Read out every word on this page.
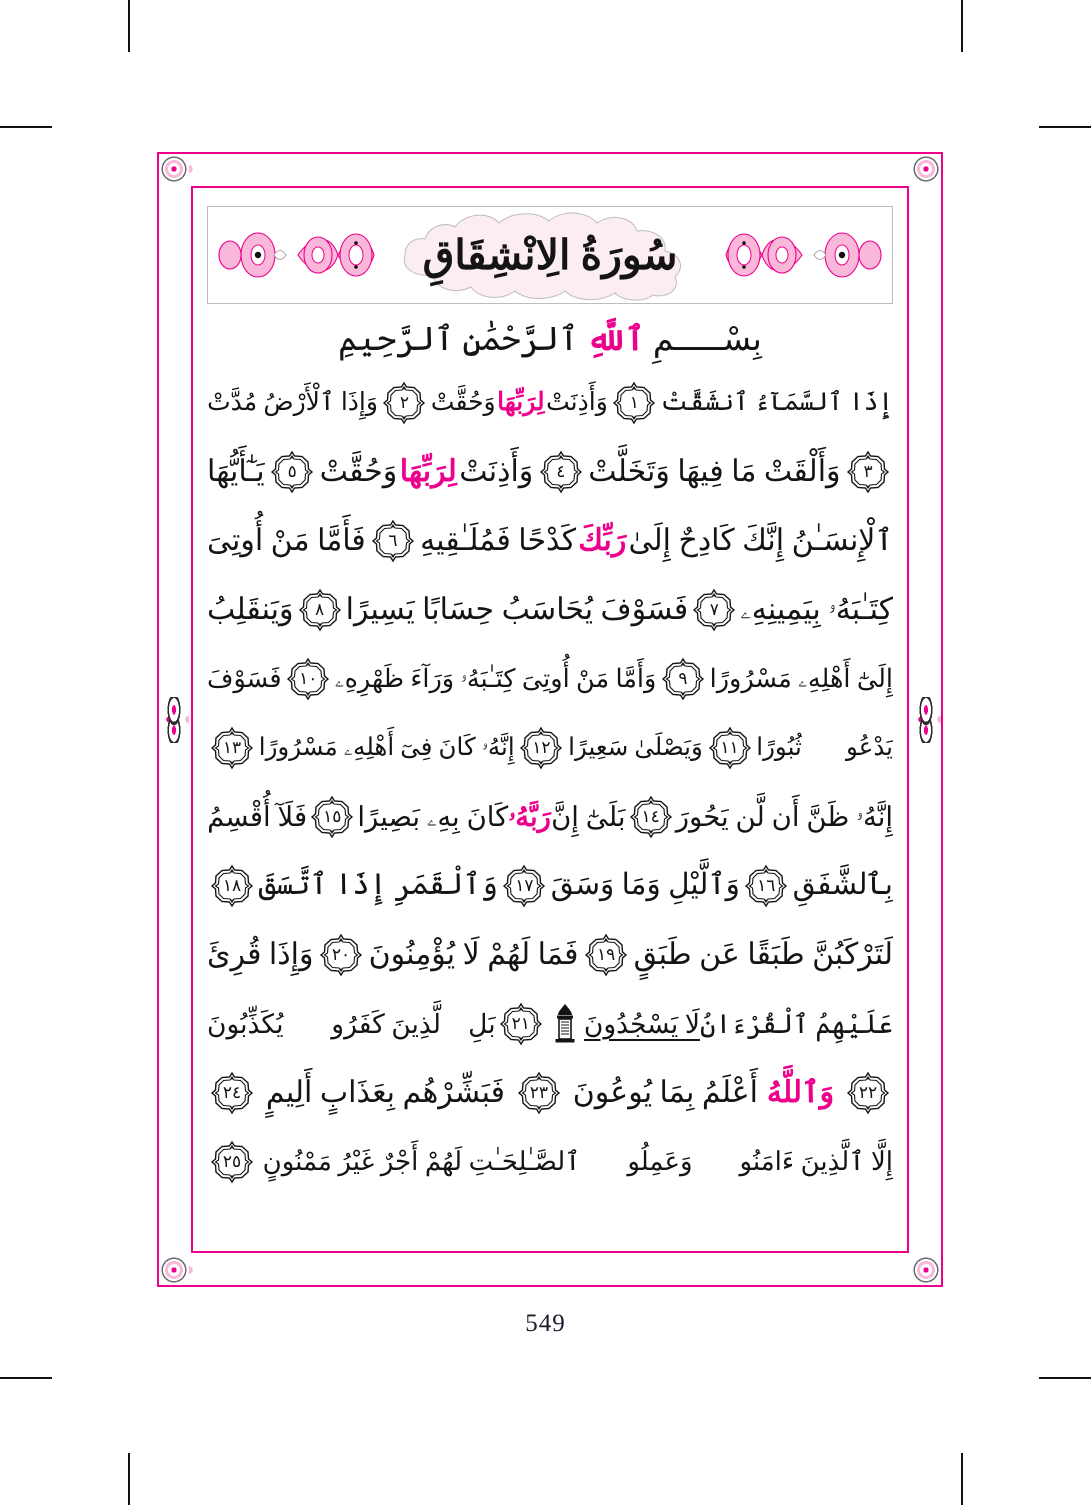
سُورَةُ الِانْشِقَاقِ
بِسْـــــمِ ٱللَّهِ ٱلرَّحْمَٰنِ ٱلرَّحِيمِ
إِذَا ٱلسَّمَآءُ ٱنشَقَّتْ
١
وَأَذِنَتْ
لِرَبِّهَا
وَحُقَّتْ
٢
وَإِذَا ٱلْأَرْضُ مُدَّتْ
٣
وَأَلْقَتْ مَا فِيهَا وَتَخَلَّتْ
٤
وَأَذِنَتْ
لِرَبِّهَا
وَحُقَّتْ
٥
يَـٰٓأَيُّهَا
ٱلْإِنسَـٰنُ إِنَّكَ كَادِحٌ إِلَىٰ
رَبِّكَ
كَدْحًا فَمُلَـٰقِيهِ
٦
فَأَمَّا مَنْ أُوتِىَ
كِتَـٰبَهُۥ بِيَمِينِهِۦ
٧
فَسَوْفَ يُحَاسَبُ حِسَابًا يَسِيرًا
٨
وَيَنقَلِبُ
إِلَىٰٓ أَهْلِهِۦ مَسْرُورًا
٩
وَأَمَّا مَنْ أُوتِىَ كِتَـٰبَهُۥ وَرَآءَ ظَهْرِهِۦ
١٠
فَسَوْفَ
يَدْعُوا۟ ثُبُورًا
١١
وَيَصْلَىٰ سَعِيرًا
١٢
إِنَّهُۥ كَانَ فِىٓ أَهْلِهِۦ مَسْرُورًا
١٣
إِنَّهُۥ ظَنَّ أَن لَّن يَحُورَ
١٤
بَلَىٰٓ إِنَّ
رَبَّهُۥ
كَانَ بِهِۦ بَصِيرًا
١٥
فَلَآ أُقْسِمُ
بِٱلشَّفَقِ
١٦
وَٱلَّيْلِ وَمَا وَسَقَ
١٧
وَٱلْقَمَرِ إِذَا ٱتَّسَقَ
١٨
لَتَرْكَبُنَّ طَبَقًا عَن طَبَقٍ
١٩
فَمَا لَهُمْ لَا يُؤْمِنُونَ
٢٠
وَإِذَا قُرِئَ
عَلَيْهِمُ ٱلْقُرْءَانُ
لَا يَسْجُدُونَ
٢١
بَلِ ٱلَّذِينَ كَفَرُوا۟ يُكَذِّبُونَ
٢٢
وَٱللَّهُ
أَعْلَمُ بِمَا يُوعُونَ
٢٣
فَبَشِّرْهُم بِعَذَابٍ أَلِيمٍ
٢٤
إِلَّا ٱلَّذِينَ ءَامَنُوا۟ وَعَمِلُوا۟ ٱلصَّـٰلِحَـٰتِ لَهُمْ أَجْرٌ غَيْرُ مَمْنُونٍ
٢٥
549
